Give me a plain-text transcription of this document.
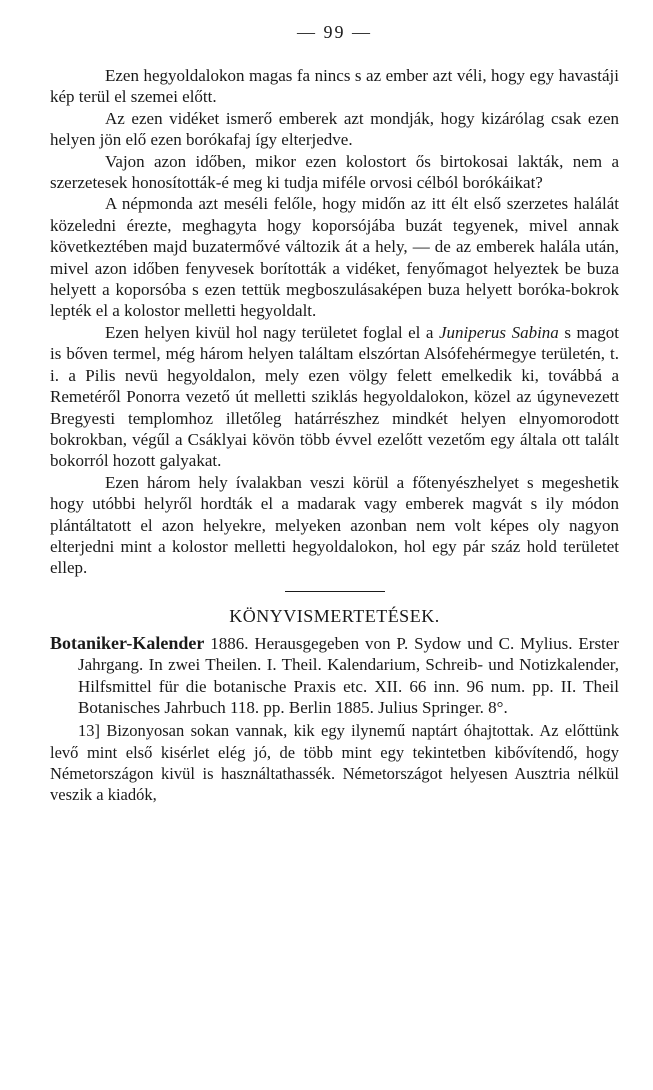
— 99 —

Ezen hegyoldalokon magas fa nincs s az ember azt véli, hogy egy havastáji kép terül el szemei előtt.

Az ezen vidéket ismerő emberek azt mondják, hogy kizárólag csak ezen helyen jön elő ezen borókafaj így elterjedve.

Vajon azon időben, mikor ezen kolostort ős birtokosai lakták, nem a szerzetesek honosították-é meg ki tudja miféle orvosi célból borókáikat?

A népmonda azt meséli felőle, hogy midőn az itt élt első szerzetes halálát közeledni érezte, meghagyta hogy koporsójába buzát tegyenek, mivel annak következtében majd buzatermővé változik át a hely, — de az emberek halála után, mivel azon időben fenyvesek borították a vidéket, fenyőmagot helyeztek be buza helyett a koporsóba s ezen tettük megboszulásaképen buza helyett boróka-bokrok lepték el a kolostor melletti hegyoldalt.

Ezen helyen kivül hol nagy területet foglal el a Juniperus Sabina s magot is bőven termel, még három helyen találtam elszórtan Alsófehérmegye területén, t. i. a Pilis nevü hegyoldalon, mely ezen völgy felett emelkedik ki, továbbá a Remetéről Ponorra vezető út melletti sziklás hegyoldalokon, közel az úgynevezett Bregyesti templomhoz illetőleg határrészhez mindkét helyen elnyomorodott bokrokban, végűl a Csáklyai kövön több évvel ezelőtt vezetőm egy általa ott talált bokorról hozott galyakat.

Ezen három hely ívalakban veszi körül a főtenyészhelyet s megeshetik hogy utóbbi helyről hordták el a madarak vagy emberek magvát s ily módon plántáltatott el azon helyekre, melyeken azonban nem volt képes oly nagyon elterjedni mint a kolostor melletti hegyoldalokon, hol egy pár száz hold területet ellep.

KÖNYVISMERTETÉSEK.

Botaniker-Kalender 1886. Herausgegeben von P. Sydow und C. Mylius. Erster Jahrgang. In zwei Theilen. I. Theil. Kalendarium, Schreib- und Notizkalender, Hilfsmittel für die botanische Praxis etc. XII. 66 inn. 96 num. pp. II. Theil Botanisches Jahrbuch 118. pp. Berlin 1885. Julius Springer. 8°.

13] Bizonyosan sokan vannak, kik egy ilynemű naptárt óhajtottak. Az előttünk levő mint első kisérlet elég jó, de több mint egy tekintetben kibővítendő, hogy Németországon kivül is használtathassék. Németországot helyesen Ausztria nélkül veszik a kiadók,
